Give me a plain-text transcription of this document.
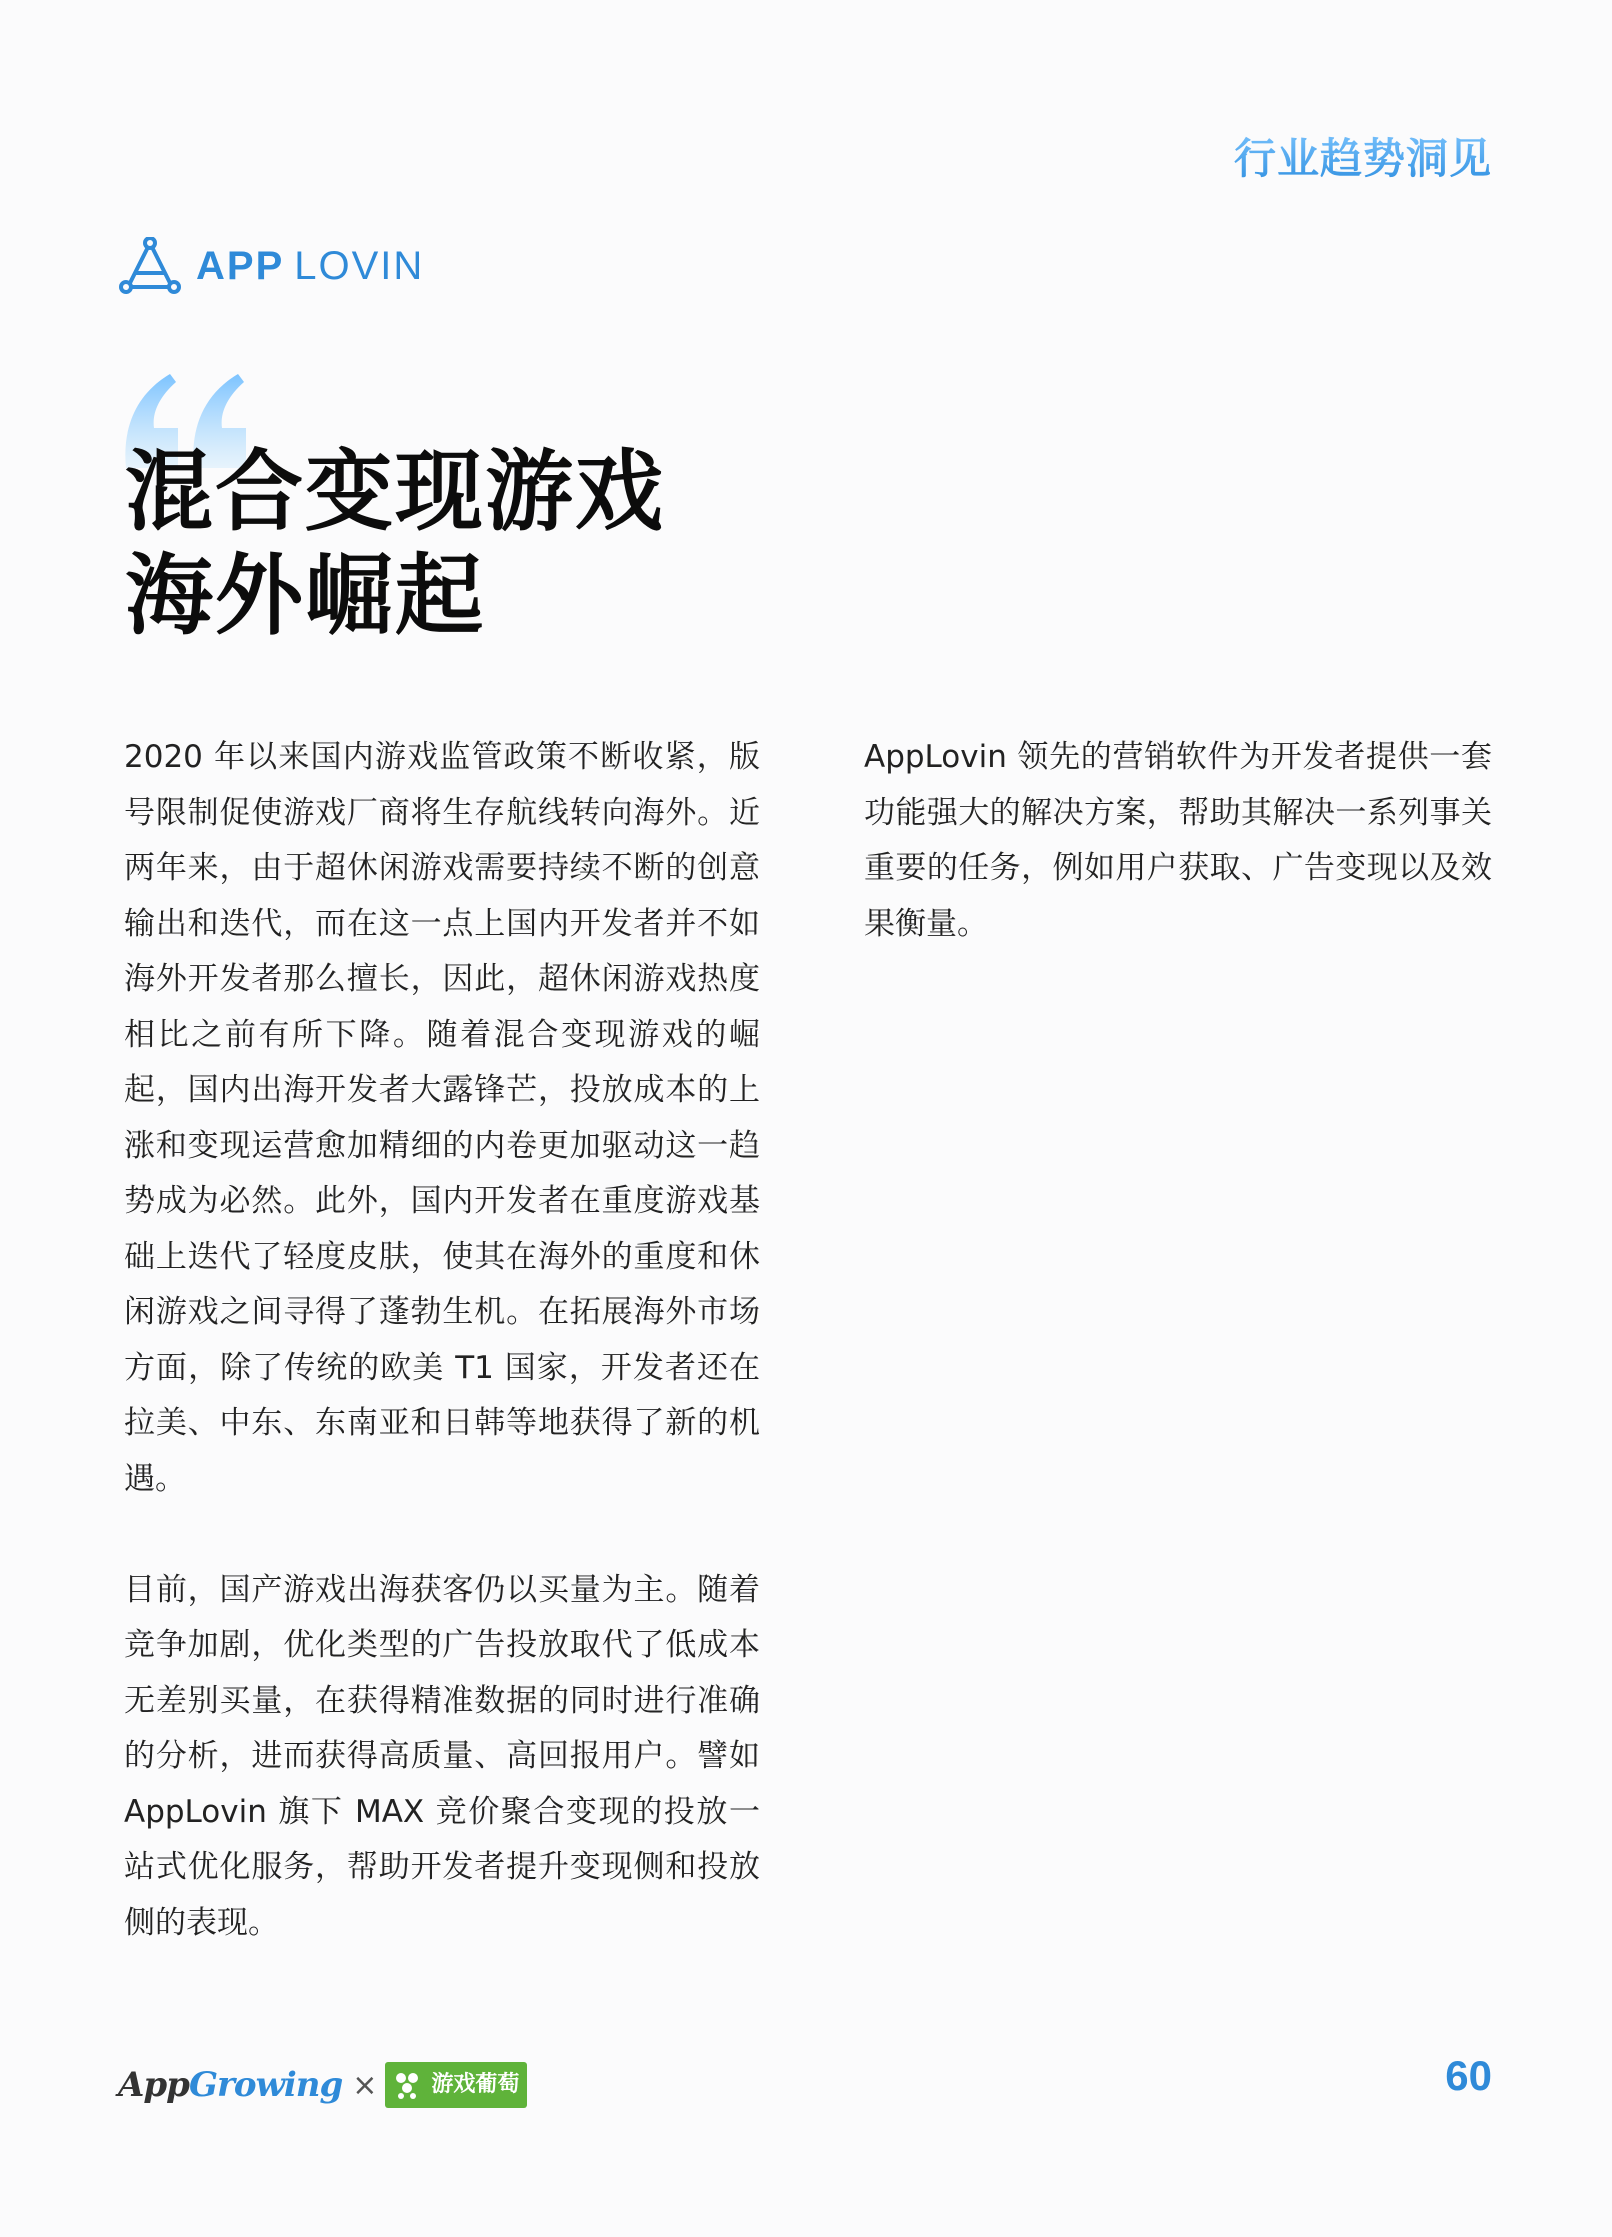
行业趋势洞见
APP LOVIN
混合变现游戏
海外崛起

2020 年以来国内游戏监管政策不断收紧，版号限制促使游戏厂商将生存航线转向海外。近两年来，由于超休闲游戏需要持续不断的创意输出和迭代，而在这一点上国内开发者并不如海外开发者那么擅长，因此，超休闲游戏热度相比之前有所下降。随着混合变现游戏的崛起，国内出海开发者大露锋芒，投放成本的上涨和变现运营愈加精细的内卷更加驱动这一趋势成为必然。此外，国内开发者在重度游戏基础上迭代了轻度皮肤，使其在海外的重度和休闲游戏之间寻得了蓬勃生机。在拓展海外市场方面，除了传统的欧美 T1 国家，开发者还在拉美、中东、东南亚和日韩等地获得了新的机遇。

目前，国产游戏出海获客仍以买量为主。随着竞争加剧，优化类型的广告投放取代了低成本无差别买量，在获得精准数据的同时进行准确的分析，进而获得高质量、高回报用户。譬如 AppLovin 旗下 MAX 竞价聚合变现的投放一站式优化服务，帮助开发者提升变现侧和投放侧的表现。

AppLovin 领先的营销软件为开发者提供一套功能强大的解决方案，帮助其解决一系列事关重要的任务，例如用户获取、广告变现以及效果衡量。

AppGrowing × 游戏葡萄	60
